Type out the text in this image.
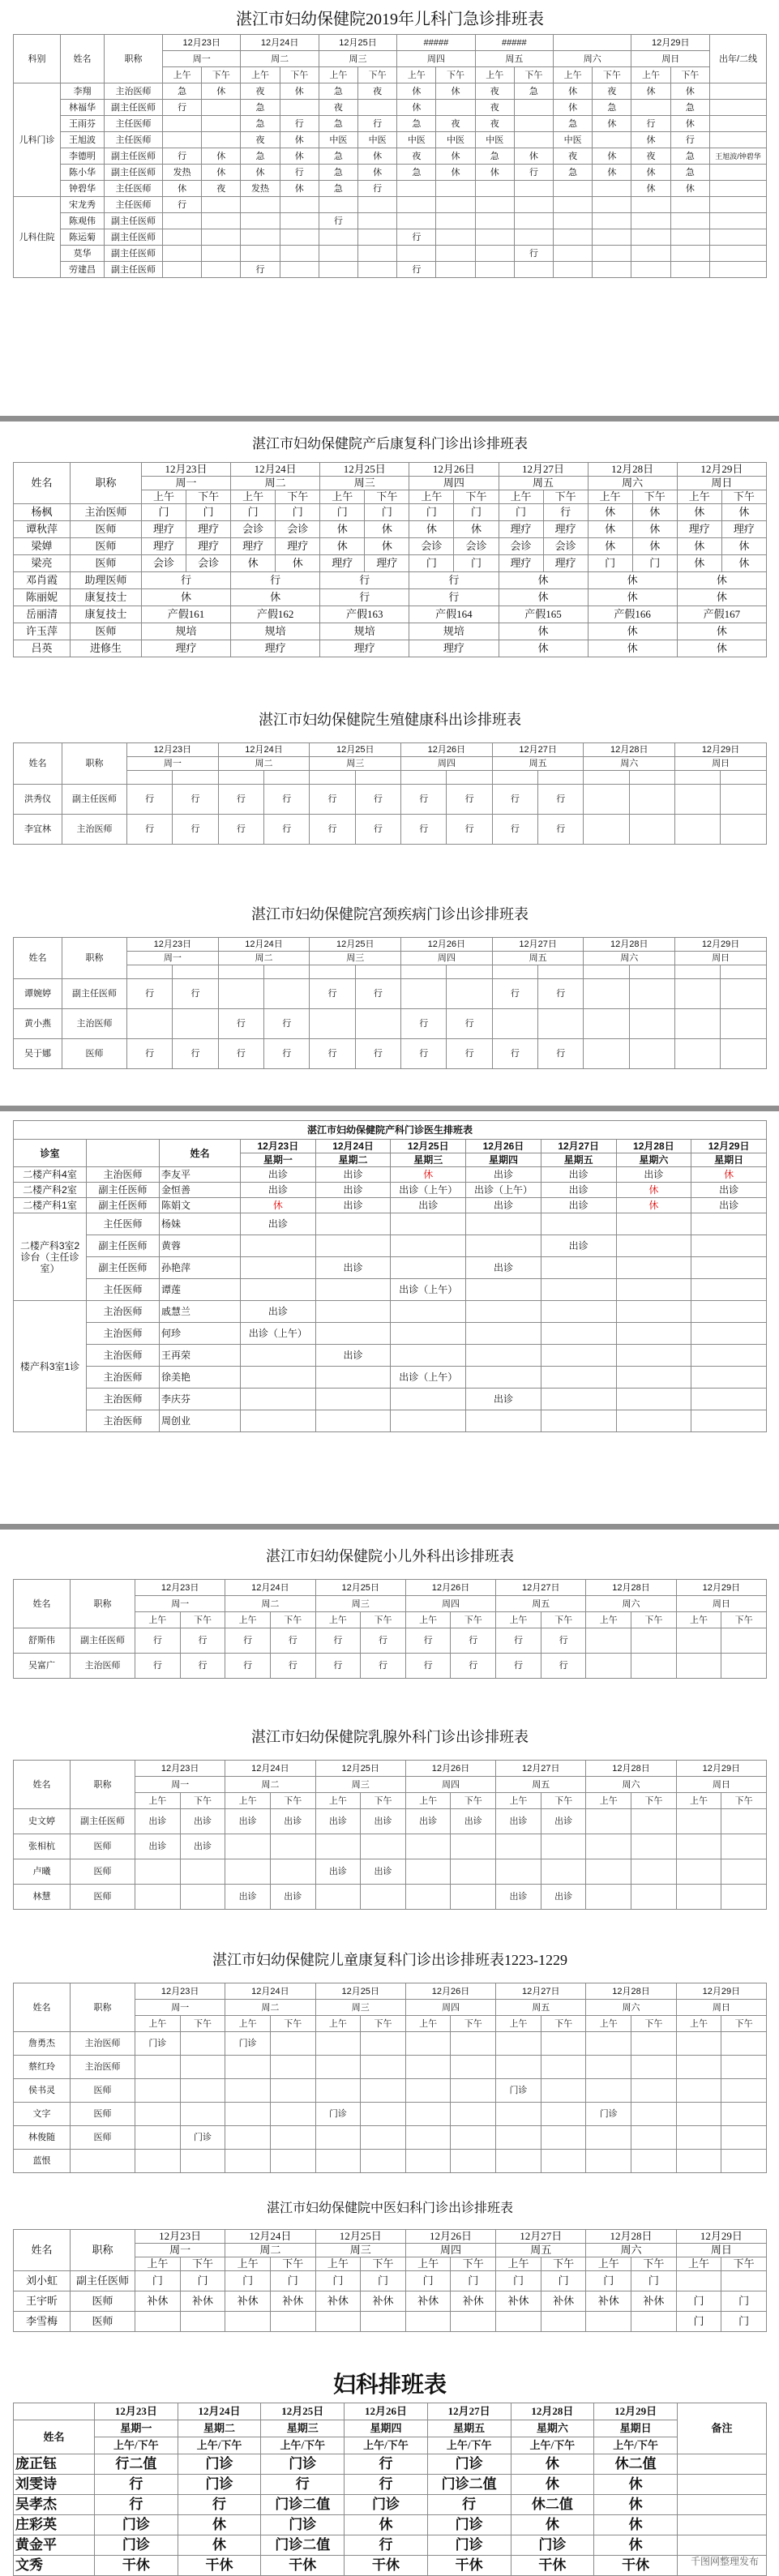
湛江市妇幼保健院2019年儿科门急诊排班表
科别	姓名	职称	12月23日		12月24日		12月25日		#####		#####				12月29日		出年/二线
			周一		周二		周三		周四		周五		周六		周日		
			上午	下午	上午	下午	上午	下午	上午	下午	上午	下午	上午	下午	上午	下午	
儿科门诊	李翔	主治医师	急	休	夜	休	急	夜	休	休	夜	急	休	夜	休	休	
	林福华	副主任医师	行		急		夜		休		夜		休	急		急	
	王雨芬	主任医师			急	行	急	行	急	夜	夜		急	休	行	休	
	王旭波	主任医师			夜	休	中医	中医	中医	中医	中医		中医		休	行	
	李德明	副主任医师	行	休	急	休	急	休	夜	休	急	休	夜	休	夜	急	王旭波/钟碧华
	陈小华	副主任医师	发热	休	休	行	急	休	急	休	休	行	急	休	休	急	
	钟碧华	主任医师	休	夜	发热	休	急	行							休	休	
儿科住院	宋龙秀	主任医师	行														
	陈观伟	副主任医师					行										
	陈运菊	副主任医师							行								
	莫华	副主任医师										行					
	劳建昌	副主任医师			行				行								
湛江市妇幼保健院产后康复科门诊出诊排班表
姓名	职称	12月23日		12月24日		12月25日		12月26日		12月27日		12月28日		12月29日	
		周一		周二		周三		周四		周五		周六		周日	
		上午	下午	上午	下午	上午	下午	上午	下午	上午	下午	上午	下午	上午	下午
杨枫	主治医师	门	门	门	门	门	门	门	门	门	行	休	休	休	休
谭秋萍	医师	理疗	理疗	会诊	会诊	休	休	休	休	理疗	理疗	休	休	理疗	理疗
梁婵	医师	理疗	理疗	理疗	理疗	休	休	会诊	会诊	会诊	会诊	休	休	休	休
梁亮	医师	会诊	会诊	休	休	理疗	理疗	门	门	理疗	理疗	门	门	休	休
邓肖霞	助理医师	行		行		行		行		休		休		休	
陈丽妮	康复技士	休		休		行		行		休		休		休	
岳丽清	康复技士	产假161		产假162		产假163		产假164		产假165		产假166		产假167	
许玉萍	医师	规培		规培		规培		规培		休		休		休	
吕英	进修生	理疗		理疗		理疗		理疗		休		休		休	
湛江市妇幼保健院生殖健康科出诊排班表
姓名	职称	12月23日		12月24日		12月25日		12月26日		12月27日		12月28日		12月29日	
		周一		周二		周三		周四		周五		周六		周日	

洪秀仪	副主任医师	行	行	行	行	行	行	行	行	行	行				
李宜林	主治医师	行	行	行	行	行	行	行	行	行	行				
湛江市妇幼保健院宫颈疾病门诊出诊排班表
姓名	职称	12月23日		12月24日		12月25日		12月26日		12月27日		12月28日		12月29日	
		周一		周二		周三		周四		周五		周六		周日	

谭婉婷	副主任医师	行	行			行	行			行	行				
黄小燕	主治医师			行	行			行	行						
吴于娜	医师	行	行	行	行	行	行	行	行	行	行				
湛江市妇幼保健院产科门诊医生排班表									
诊室		姓名	12月23日	12月24日	12月25日	12月26日	12月27日	12月28日	12月29日
			星期一	星期二	星期三	星期四	星期五	星期六	星期日
二楼产科4室	主治医师	李友平	出诊	出诊	休	出诊	出诊	出诊	休
二楼产科2室	副主任医师	金恒善	出诊	出诊	出诊（上午）	出诊（上午）	出诊	休	出诊
二楼产科1室	副主任医师	陈娟文	休	出诊	出诊	出诊	出诊	休	出诊
二楼产科3室2诊台（主任诊室）	主任医师	杨妹	出诊						
	副主任医师	黄蓉					出诊		
	副主任医师	孙艳萍		出诊		出诊			
	主任医师	谭莲			出诊（上午）				
楼产科3室1诊	主治医师	戚慧兰	出诊						
	主治医师	何珍	出诊（上午）						
	主治医师	王再荣		出诊					
	主治医师	徐美艳			出诊（上午）				
	主治医师	李庆芬				出诊			
	主治医师	周创业							
湛江市妇幼保健院小儿外科出诊排班表
姓名	职称	12月23日		12月24日		12月25日		12月26日		12月27日		12月28日		12月29日	
		周一		周二		周三		周四		周五		周六		周日	
		上午	下午	上午	下午	上午	下午	上午	下午	上午	下午	上午	下午	上午	下午
舒斯伟	副主任医师	行	行	行	行	行	行	行	行	行	行				
吴富广	主治医师	行	行	行	行	行	行	行	行	行	行				
湛江市妇幼保健院乳腺外科门诊出诊排班表
姓名	职称	12月23日		12月24日		12月25日		12月26日		12月27日		12月28日		12月29日	
		周一		周二		周三		周四		周五		周六		周日	
		上午	下午	上午	下午	上午	下午	上午	下午	上午	下午	上午	下午	上午	下午
史文婷	副主任医师	出诊	出诊	出诊	出诊	出诊	出诊	出诊	出诊	出诊	出诊				
张相杭	医师	出诊	出诊												
卢曦	医师					出诊	出诊								
林慧	医师			出诊	出诊					出诊	出诊				
湛江市妇幼保健院儿童康复科门诊出诊排班表1223-1229
姓名	职称	12月23日		12月24日		12月25日		12月26日		12月27日		12月28日		12月29日	
		周一		周二		周三		周四		周五		周六		周日	
		上午	下午	上午	下午	上午	下午	上午	下午	上午	下午	上午	下午	上午	下午
詹勇杰	主治医师	门诊		门诊											
蔡红玲	主治医师														
侯书灵	医师									门诊					
文字	医师					门诊						门诊			
林俊随	医师		门诊												
蓝恨															
湛江市妇幼保健院中医妇科门诊出诊排班表
姓名	职称	12月23日		12月24日		12月25日		12月26日		12月27日		12月28日		12月29日	
		周一		周二		周三		周四		周五		周六		周日	
		上午	下午	上午	下午	上午	下午	上午	下午	上午	下午	上午	下午	上午	下午
刘小虹	副主任医师	门	门	门	门	门	门	门	门	门	门	门	门		
王宇昕	医师	补休	补休	补休	补休	补休	补休	补休	补休	补休	补休	补休	补休	门	门
李雪梅	医师													门	门
妇科排班表
	12月23日	12月24日	12月25日	12月26日	12月27日	12月28日	12月29日	备注
姓名	星期一	星期二	星期三	星期四	星期五	星期六	星期日	
	上午/下午	上午/下午	上午/下午	上午/下午	上午/下午	上午/下午	上午/下午	
庞正钰	行二值	门诊	门诊	行	门诊	休	休二值	
刘雯诗	行	门诊	行	行	门诊二值	休	休	
吴孝杰	行	行	门诊二值	门诊	行	休二值	休	
庄彩英	门诊	休	门诊	休	门诊	休	休	
黄金平	门诊	休	门诊二值	行	门诊	门诊	休	
文秀	干休	干休	干休	干休	干休	干休	干休		千图网整理发布
